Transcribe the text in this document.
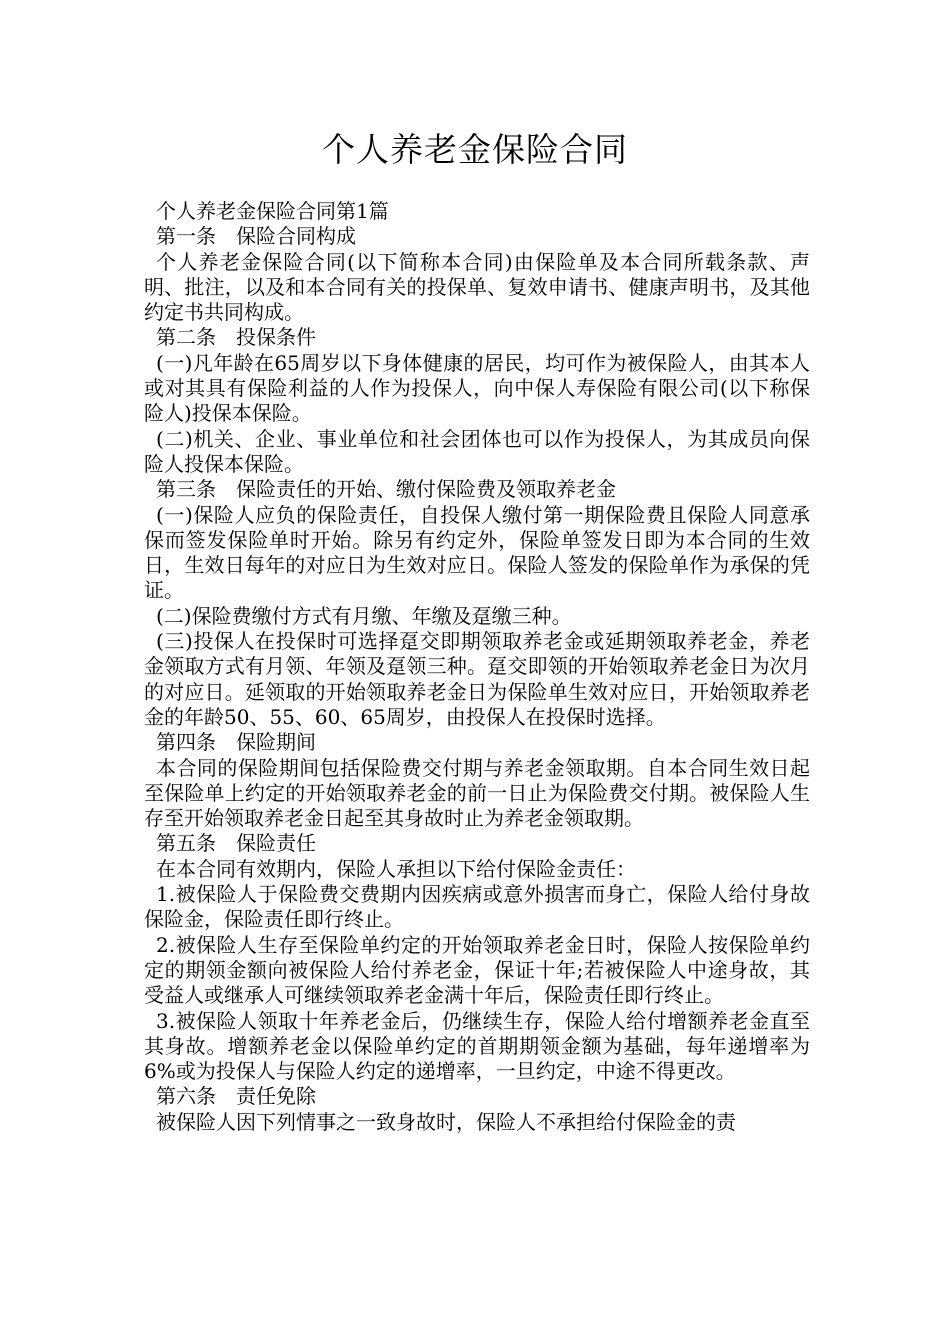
个人养老金保险合同

个人养老金保险合同第1篇

第一条　保险合同构成

个人养老金保险合同(以下简称本合同)由保险单及本合同所载条款、声明、批注，以及和本合同有关的投保单、复效申请书、健康声明书，及其他约定书共同构成。

第二条　投保条件

(一)凡年龄在65周岁以下身体健康的居民，均可作为被保险人，由其本人或对其具有保险利益的人作为投保人，向中保人寿保险有限公司(以下称保险人)投保本保险。

(二)机关、企业、事业单位和社会团体也可以作为投保人，为其成员向保险人投保本保险。

第三条　保险责任的开始、缴付保险费及领取养老金

(一)保险人应负的保险责任，自投保人缴付第一期保险费且保险人同意承保而签发保险单时开始。除另有约定外，保险单签发日即为本合同的生效日，生效日每年的对应日为生效对应日。保险人签发的保险单作为承保的凭证。

(二)保险费缴付方式有月缴、年缴及趸缴三种。

(三)投保人在投保时可选择趸交即期领取养老金或延期领取养老金，养老金领取方式有月领、年领及趸领三种。趸交即领的开始领取养老金日为次月的对应日。延领取的开始领取养老金日为保险单生效对应日，开始领取养老金的年龄50、55、60、65周岁，由投保人在投保时选择。

第四条　保险期间

本合同的保险期间包括保险费交付期与养老金领取期。自本合同生效日起至保险单上约定的开始领取养老金的前一日止为保险费交付期。被保险人生存至开始领取养老金日起至其身故时止为养老金领取期。

第五条　保险责任

在本合同有效期内，保险人承担以下给付保险金责任：

1.被保险人于保险费交费期内因疾病或意外损害而身亡，保险人给付身故保险金，保险责任即行终止。

2.被保险人生存至保险单约定的开始领取养老金日时，保险人按保险单约定的期领金额向被保险人给付养老金，保证十年;若被保险人中途身故，其受益人或继承人可继续领取养老金满十年后，保险责任即行终止。

3.被保险人领取十年养老金后，仍继续生存，保险人给付增额养老金直至其身故。增额养老金以保险单约定的首期期领金额为基础，每年递增率为6%或为投保人与保险人约定的递增率，一旦约定，中途不得更改。

第六条　责任免除

被保险人因下列情事之一致身故时，保险人不承担给付保险金的责
